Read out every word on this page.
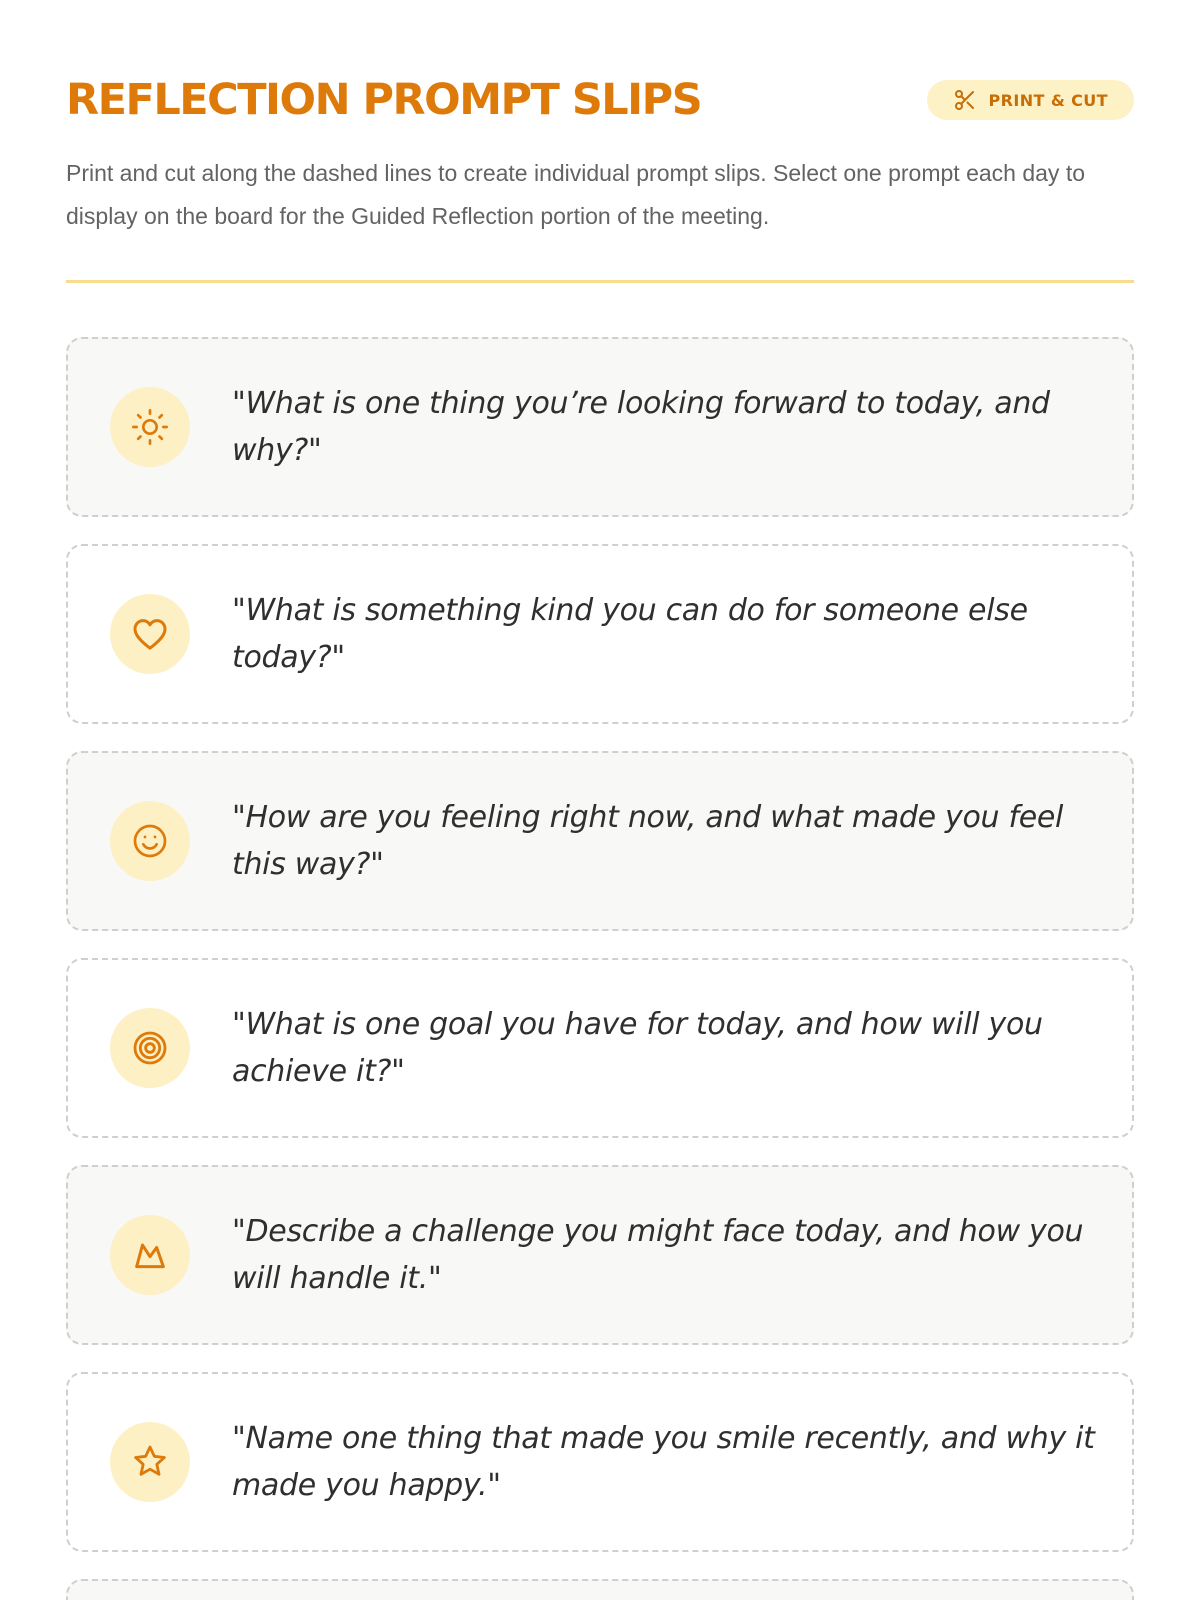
REFLECTION PROMPT SLIPS	PRINT & CUT

Print and cut along the dashed lines to create individual prompt slips. Select one prompt each day to display on the board for the Guided Reflection portion of the meeting.

"What is one thing you’re looking forward to today, and why?"
"What is something kind you can do for someone else today?"
"How are you feeling right now, and what made you feel this way?"
"What is one goal you have for today, and how will you achieve it?"
"Describe a challenge you might face today, and how you will handle it."
"Name one thing that made you smile recently, and why it made you happy."
